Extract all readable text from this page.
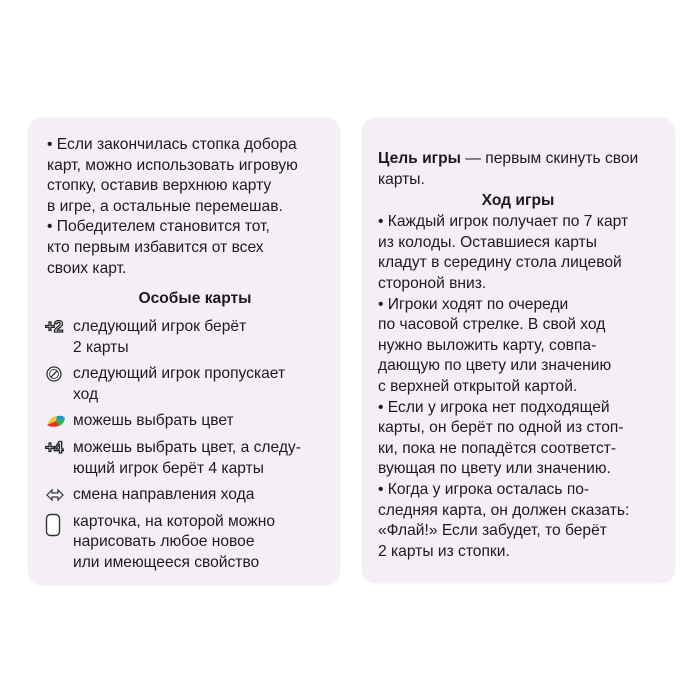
• Если закончилась стопка добора
карт, можно использовать игровую
стопку, оставив верхнюю карту
в игре, а остальные перемешав.
• Победителем становится тот,
кто первым избавится от всех
своих карт.
Особые карты
+2 следующий игрок берёт
2 карты
следующий игрок пропускает
ход
можешь выбрать цвет
+4 можешь выбрать цвет, а следу-
ющий игрок берёт 4 карты
смена направления хода
карточка, на которой можно
нарисовать любое новое
или имеющееся свойство
Цель игры — первым скинуть свои
карты.
Ход игры
• Каждый игрок получает по 7 карт
из колоды. Оставшиеся карты
кладут в середину стола лицевой
стороной вниз.
• Игроки ходят по очереди
по часовой стрелке. В свой ход
нужно выложить карту, совпа-
дающую по цвету или значению
с верхней открытой картой.
• Если у игрока нет подходящей
карты, он берёт по одной из стоп-
ки, пока не попадётся соответст-
вующая по цвету или значению.
• Когда у игрока осталась по-
следняя карта, он должен сказать:
«Флай!» Если забудет, то берёт
2 карты из стопки.
